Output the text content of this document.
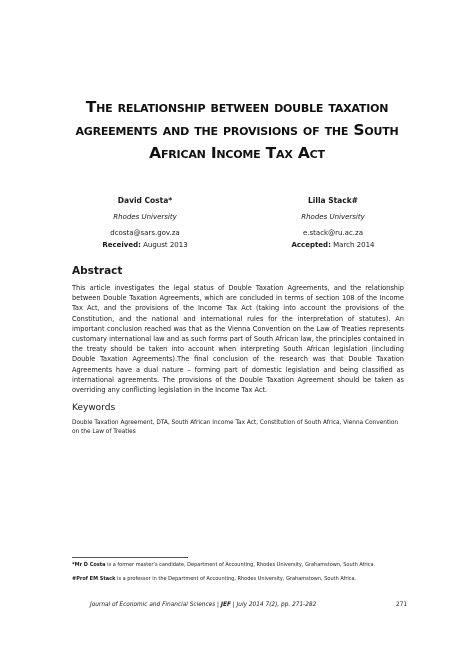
The relationship between double taxation
agreements and the provisions of the South
African Income Tax Act
David Costa*
Rhodes University
dcosta@sars.gov.za
Lilla Stack#
Rhodes University
e.stack@ru.ac.za
Received: August 2013	Accepted: March 2014
Abstract
This article investigates the legal status of Double Taxation Agreements, and the relationship between Double Taxation Agreements, which are concluded in terms of section 108 of the Income Tax Act, and the provisions of the Income Tax Act (taking into account the provisions of the Constitution, and the national and international rules for the interpretation of statutes). An important conclusion reached was that as the Vienna Convention on the Law of Treaties represents customary international law and as such forms part of South African law, the principles contained in the treaty should be taken into account when interpreting South African legislation (including Double Taxation Agreements).The final conclusion of the research was that Double Taxation Agreements have a dual nature – forming part of domestic legislation and being classified as international agreements. The provisions of the Double Taxation Agreement should be taken as overriding any conflicting legislation in the Income Tax Act.
Keywords
Double Taxation Agreement, DTA, South African Income Tax Act, Constitution of South Africa, Vienna Convention on the Law of Treaties
*Mr D Costa is a former master’s candidate, Department of Accounting, Rhodes University, Grahamstown, South Africa.
#Prof EM Stack is a professor in the Department of Accounting, Rhodes University, Grahamstown, South Africa.
Journal of Economic and Financial Sciences | JEF | July 2014 7(2), pp. 271-282	271
